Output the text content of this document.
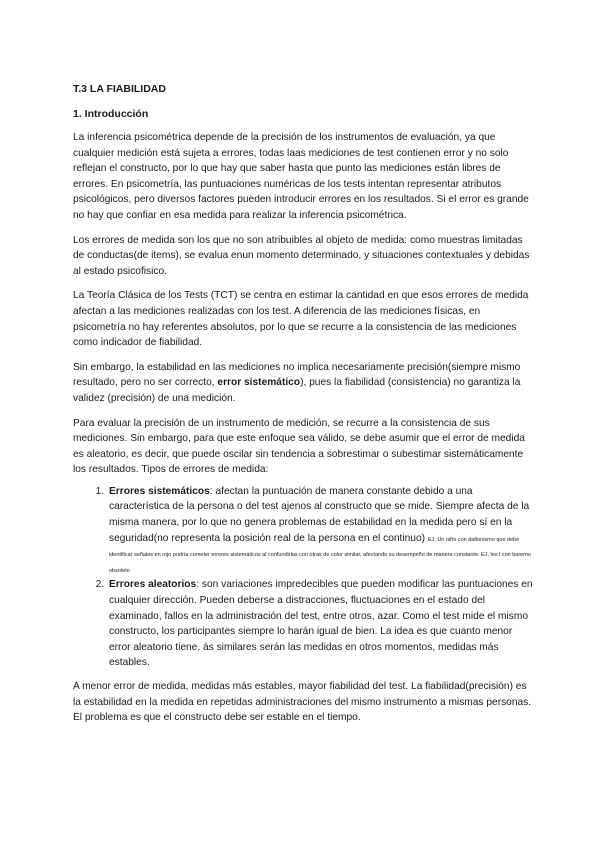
T.3 LA FIABILIDAD
1. Introducción

La inferencia psicométrica depende de la precisión de los instrumentos de evaluación, ya que cualquier medición está sujeta a errores, todas laas mediciones de test contienen error y no solo reflejan el constructo, por lo que hay que saber hasta que punto las mediciones están libres de errores. En psicometría, las puntuaciones numéricas de los tests intentan representar atributos psicológicos, pero diversos factores pueden introducir errores en los resultados. Si el error es grande no hay que confiar en esa medida para realizar la inferencia psicométrica.

Los errores de medida son los que no son atribuibles al objeto de medida: como muestras limitadas de conductas(de items), se evalua enun momento determinado, y situaciones contextuales y debidas al estado psicofisico.

La Teoría Clásica de los Tests (TCT) se centra en estimar la cantidad en que esos errores de medida afectan a las mediciones realizadas con los test. A diferencia de las mediciones físicas, en psicometría no hay referentes absolutos, por lo que se recurre a la consistencia de las mediciones como indicador de fiabilidad.

Sin embargo, la estabilidad en las mediciones no implica necesariamente precisión(siempre mismo resultado, pero no ser correcto, error sistemático), pues la fiabilidad (consistencia) no garantiza la validez (precisión) de una medición.

Para evaluar la precisión de un instrumento de medición, se recurre a la consistencia de sus mediciones. Sin embargo, para que este enfoque sea válido, se debe asumir que el error de medida es aleatorio, es decir, que puede oscilar sin tendencia a sobrestimar o subestimar sistemáticamente los resultados. Tipos de errores de medida:

1. Errores sistemáticos: afectan la puntuación de manera constante debido a una característica de la persona o del test ajenos al constructo que se mide. Siempre afecta de la misma manera, por lo que no genera problemas de estabilidad en la medida pero sí en la seguridad(no representa la posición real de la persona en el continuo) EJ, Un niño con daltonismo que debe identificar señales en rojo podría cometer errores sistemáticos al confundirlas con otras de color similar, afectando su desempeño de manera constante. EJ, les l con baremo obsoleto
2. Errores aleatorios: son variaciones impredecibles que pueden modificar las puntuaciones en cualquier dirección. Pueden deberse a distracciones, fluctuaciones en el estado del examinado, fallos en la administración del test, entre otros, azar. Como el test mide el mismo constructo, los participantes siempre lo harán igual de bien. La idea es que cuanto menor error aleatorio tiene, ás similares serán las medidas en otros momentos, medidas más estables.

A menor error de medida, medidas más estables, mayor fiabilidad del test. La fiabilidad(precisión) es la estabilidad en la medida en repetidas administraciones del mismo instrumento a mismas personas. El problema es que el constructo debe ser estable en el tiempo.
